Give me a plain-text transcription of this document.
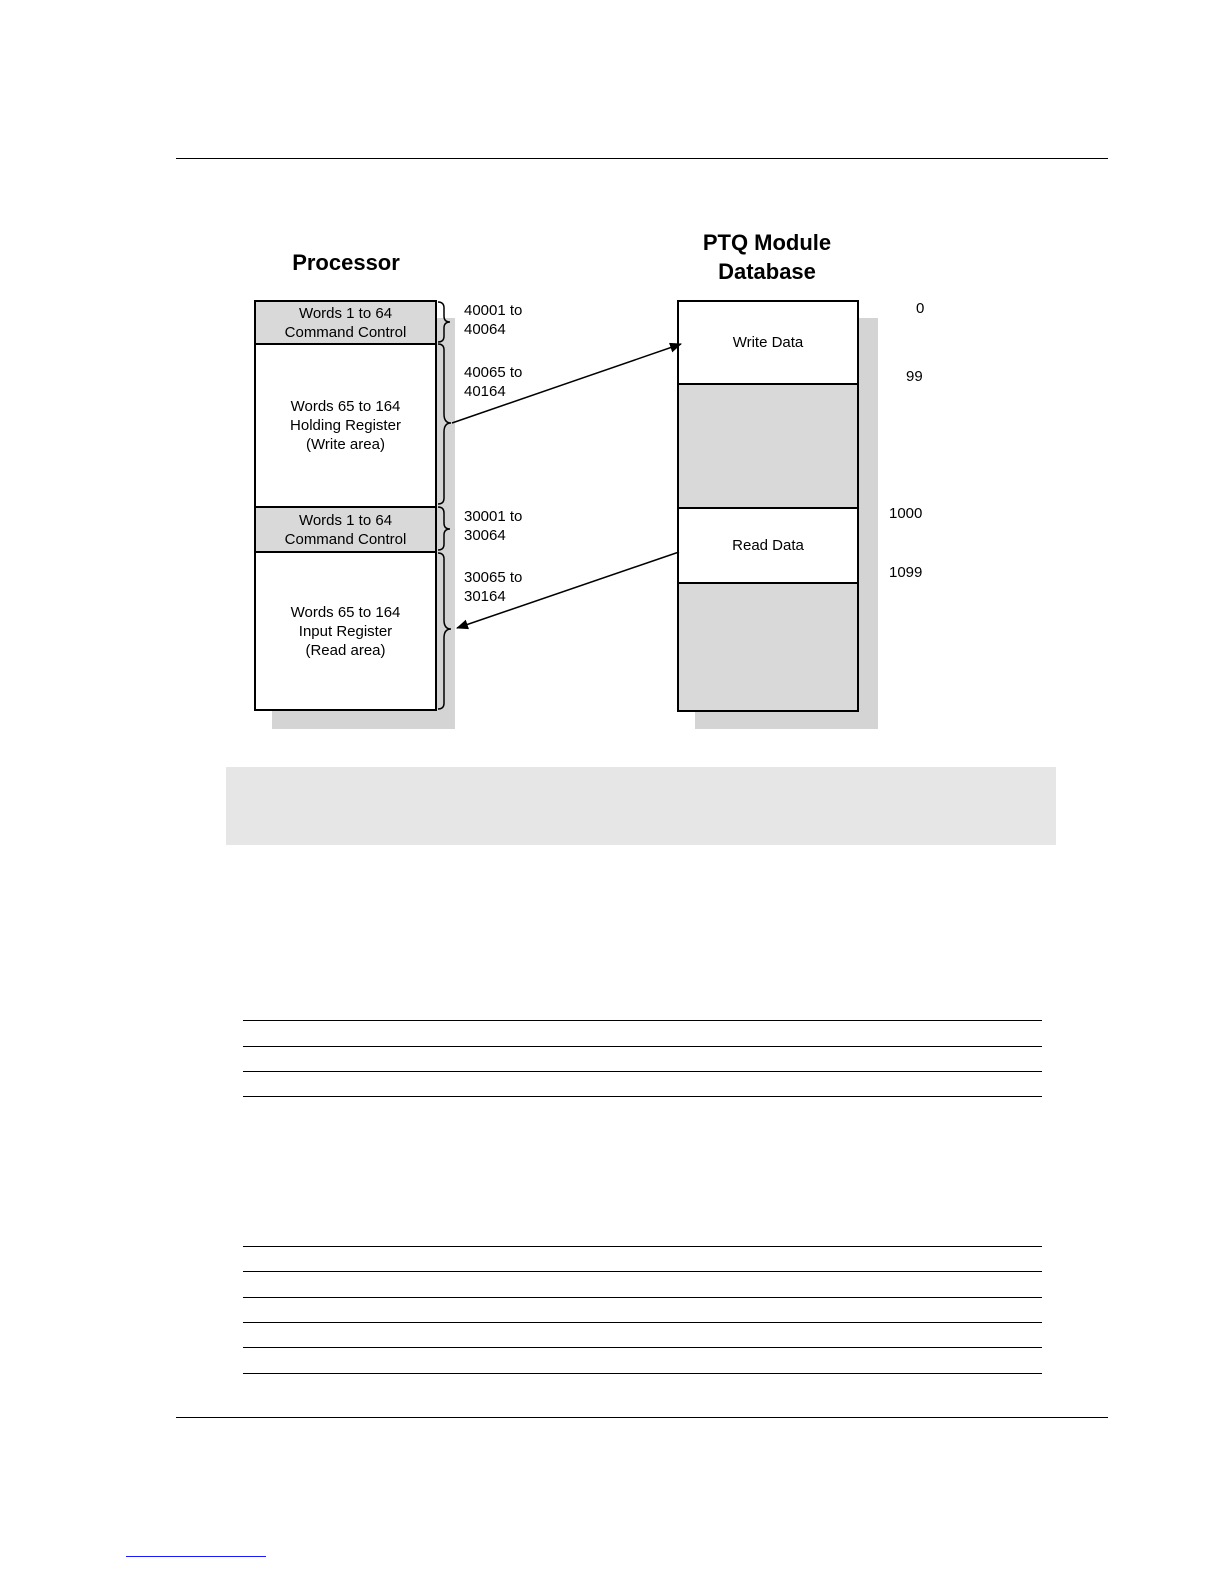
Processor
Words 1 to 64
Command Control
Words 65 to 164
Holding Register
(Write area)
Words 1 to 64
Command Control
Words 65 to 164
Input Register
(Read area)
40001 to
40064
40065 to
40164
30001 to
30064
30065 to
30164
PTQ Module
Database
Write Data
Read Data
0
99
1000
1099
